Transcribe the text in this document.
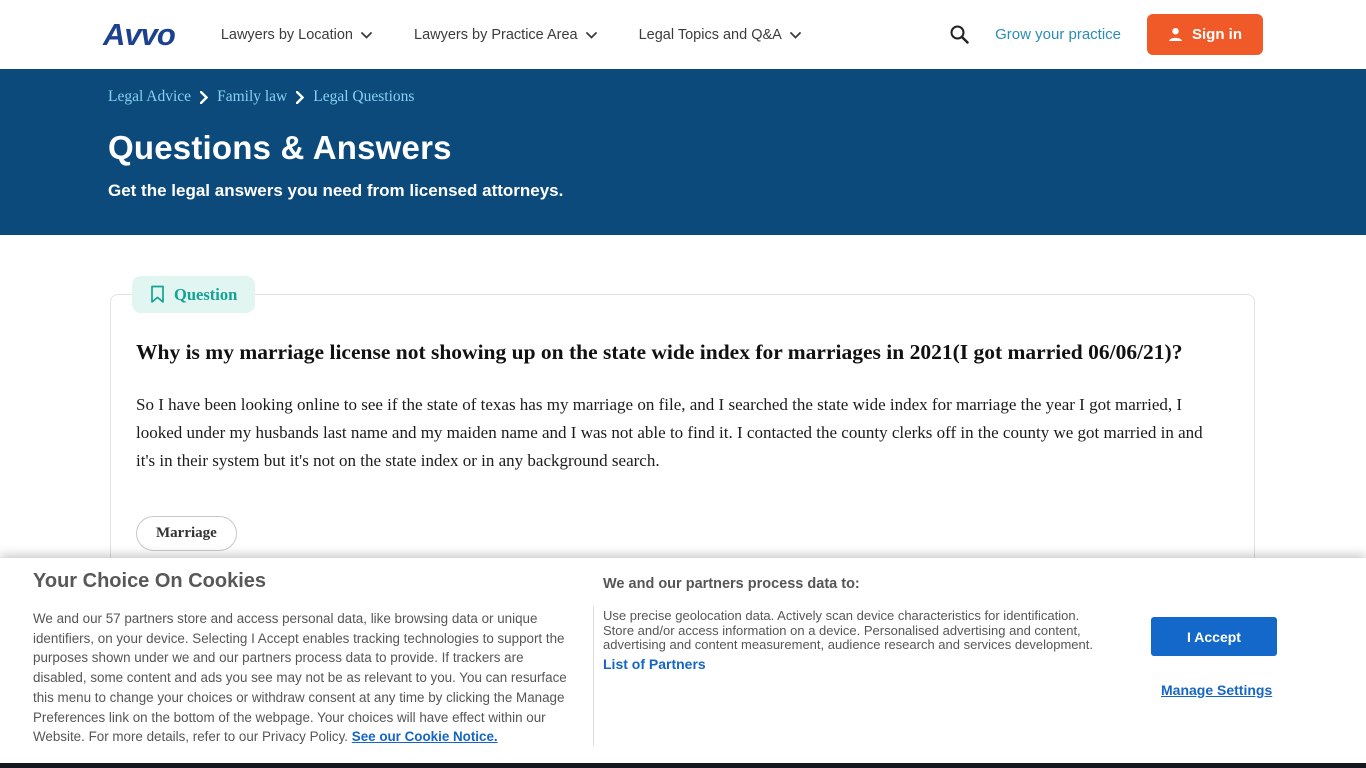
Avvo	Lawyers by Location	Lawyers by Practice Area	Legal Topics and Q&A	Grow your practice	Sign in
Legal Advice Family law Legal Questions
Questions & Answers

Get the legal answers you need from licensed attorneys.

Question
Why is my marriage license not showing up on the state wide index for marriages in 2021(I got married 06/06/21)?

So I have been looking online to see if the state of texas has my marriage on file, and I searched the state wide index for marriage the year I got married, I looked under my husbands last name and my maiden name and I was not able to find it. I contacted the county clerks off in the county we got married in and it's in their system but it's not on the state index or in any background search.

Marriage
Your Choice On Cookies

We and our 57 partners store and access personal data, like browsing data or unique identifiers, on your device. Selecting I Accept enables tracking technologies to support the purposes shown under we and our partners process data to provide. If trackers are disabled, some content and ads you see may not be as relevant to you. You can resurface this menu to change your choices or withdraw consent at any time by clicking the Manage Preferences link on the bottom of the webpage. Your choices will have effect within our Website. For more details, refer to our Privacy Policy. See our Cookie Notice.

We and our partners process data to:

Use precise geolocation data. Actively scan device characteristics for identification. Store and/or access information on a device. Personalised advertising and content, advertising and content measurement, audience research and services development.

List of Partners
I Accept
Manage Settings
